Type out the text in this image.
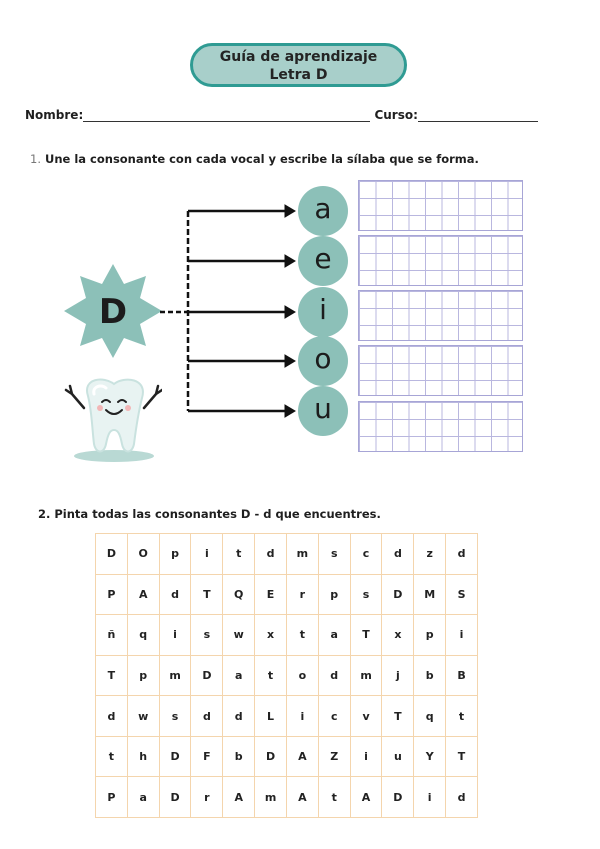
Guía de aprendizaje
Letra D
Nombre:	Curso:
1. Une la consonante con cada vocal y escribe la sílaba que se forma.
D
a
e
i
o
u
2. Pinta todas las consonantes D - d que encuentres.
D	O	p	i	t	d	m	s	c	d	z	d
P	A	d	T	Q	E	r	p	s	D	M	S
ñ	q	i	s	w	x	t	a	T	x	p	i
T	p	m	D	a	t	o	d	m	j	b	B
d	w	s	d	d	L	i	c	v	T	q	t
t	h	D	F	b	D	A	Z	i	u	Y	T
P	a	D	r	A	m	A	t	A	D	i	d
